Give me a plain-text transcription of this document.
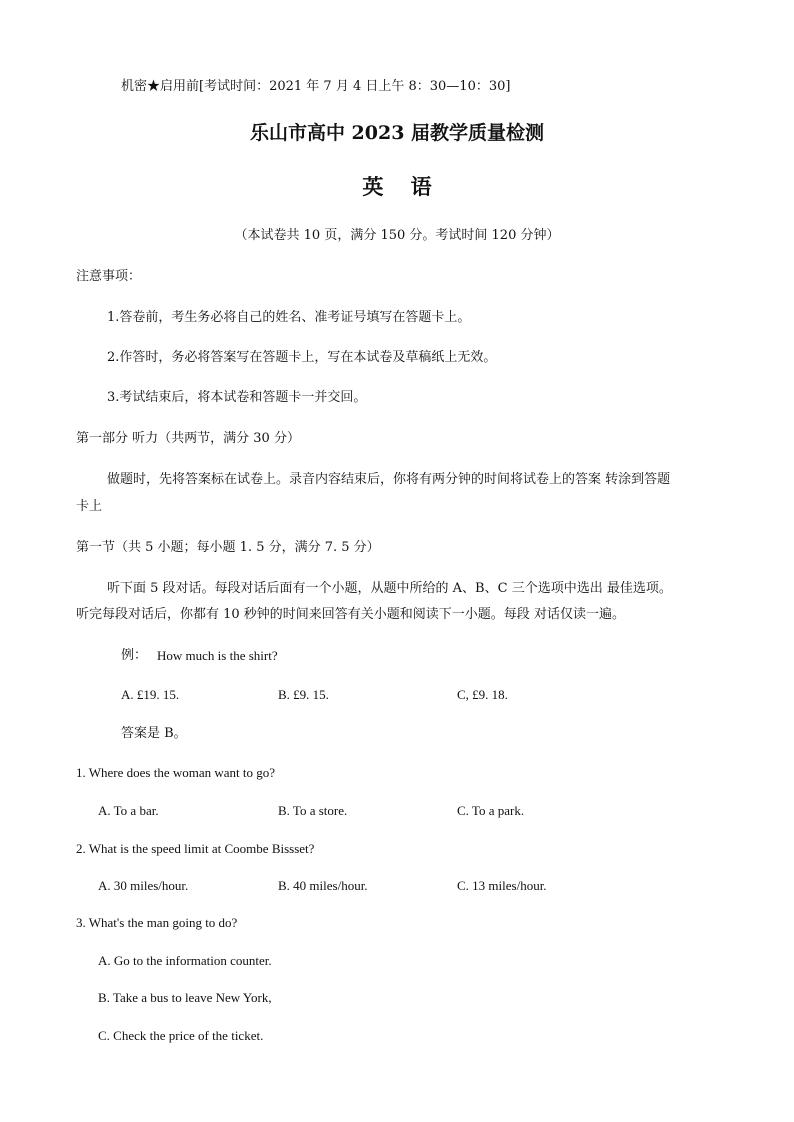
机密★启用前[考试时间：2021 年 7 月 4 日上午 8：30—10：30]
乐山市高中 2023 届教学质量检测
英 语
（本试卷共 10 页，满分 150 分。考试时间 120 分钟）
注意事项：
1.答卷前，考生务必将自己的姓名、准考证号填写在答题卡上。
2.作答时，务必将答案写在答题卡上，写在本试卷及草稿纸上无效。
3.考试结束后，将本试卷和答题卡一并交回。
第一部分 听力（共两节，满分 30 分）
做题时，先将答案标在试卷上。录音内容结束后，你将有两分钟的时间将试卷上的答案 转涂到答题
卡上
第一节（共 5 小题；每小题 1. 5 分，满分 7. 5 分）
听下面 5 段对话。每段对话后面有一个小题，从题中所给的 A、B、C 三个选项中选出 最佳选项。
听完每段对话后，你都有 10 秒钟的时间来回答有关小题和阅读下一小题。每段 对话仅读一遍。
例： How much is the shirt?
A. £19. 15.	B. £9. 15.	C, £9. 18.
答案是 B。
1. Where does the woman want to go?
A. To a bar.	B. To a store.	C. To a park.
2. What is the speed limit at Coombe Bissset?
A. 30 miles/hour.	B. 40 miles/hour.	C. 13 miles/hour.
3. What's the man going to do?
A. Go to the information counter.
B. Take a bus to leave New York,
C. Check the price of the ticket.
